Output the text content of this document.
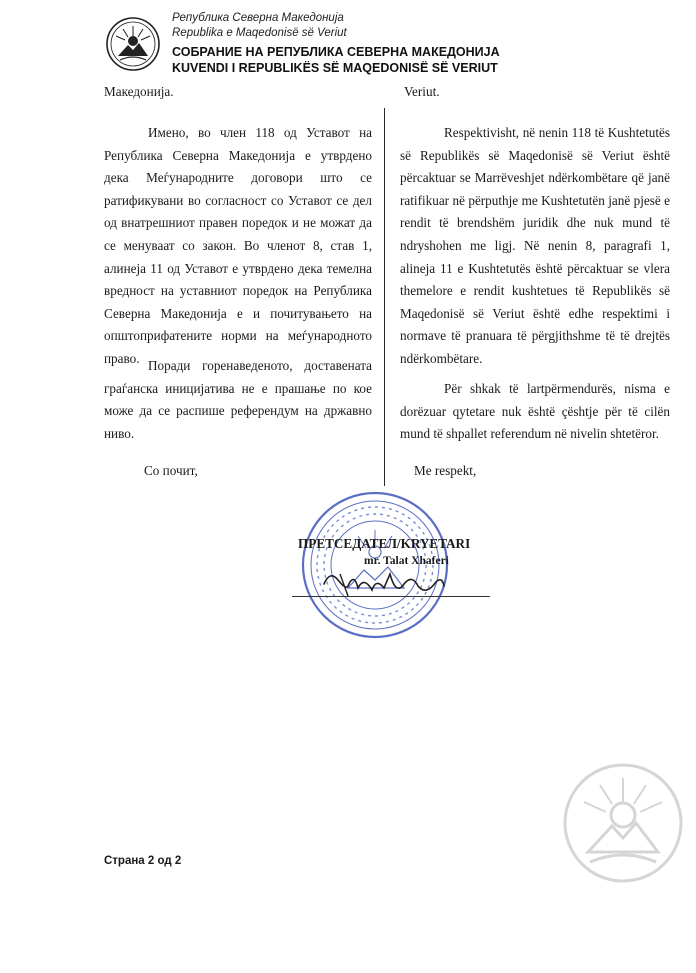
Република Северна Македонија
Republika e Maqedonisë së Veriut
СОБРАНИЕ НА РЕПУБЛИКА СЕВЕРНА МАКЕДОНИЈА
KUVENDI I REPUBLIKËS SË MAQEDONISË SË VERIUT
Македонија.
Имено, во член 118 од Уставот на Република Северна Македонија е утврдено дека Меѓународните договори што се ратификувани во согласност со Уставот се дел од внатрешниот правен поредок и не можат да се менуваат со закон. Во членот 8, став 1, алинеја 11 од Уставот е утврдено дека темелна вредност на уставниот поредок на Република Северна Македонија е и почитувањето на општоприфатените норми на меѓународното право. Поради горенаведеното, доставената граѓанска иницијатива не е прашање по кое може да се распише референдум на државно ниво.
Со почит,
Veriut.
Respektivisht, në nenin 118 të Kushtetutës së Republikës së Maqedonisë së Veriut është përcaktuar se Marrëveshjet ndërkombëtare që janë ratifikuar në përputhje me Kushtetutën janë pjesë e rendit të brendshëm juridik dhe nuk mund të ndryshohen me ligj. Në nenin 8, paragrafi 1, alineja 11 e Kushtetutës është përcaktuar se vlera themelore e rendit kushtetues të Republikës së Maqedonisë së Veriut është edhe respektimi i normave të pranuara të përgjithshme të të drejtës ndërkombëtare.
Për shkak të lartpërmendurës, nisma e dorëzuar qytetare nuk është çështje për të cilën mund të shpallet referendum në nivelin shtetëror.
Me respekt,
ПРЕТСЕДАТЕЛ/KRYETARI
mr. Talat Xhaferi
Страна 2 од 2
